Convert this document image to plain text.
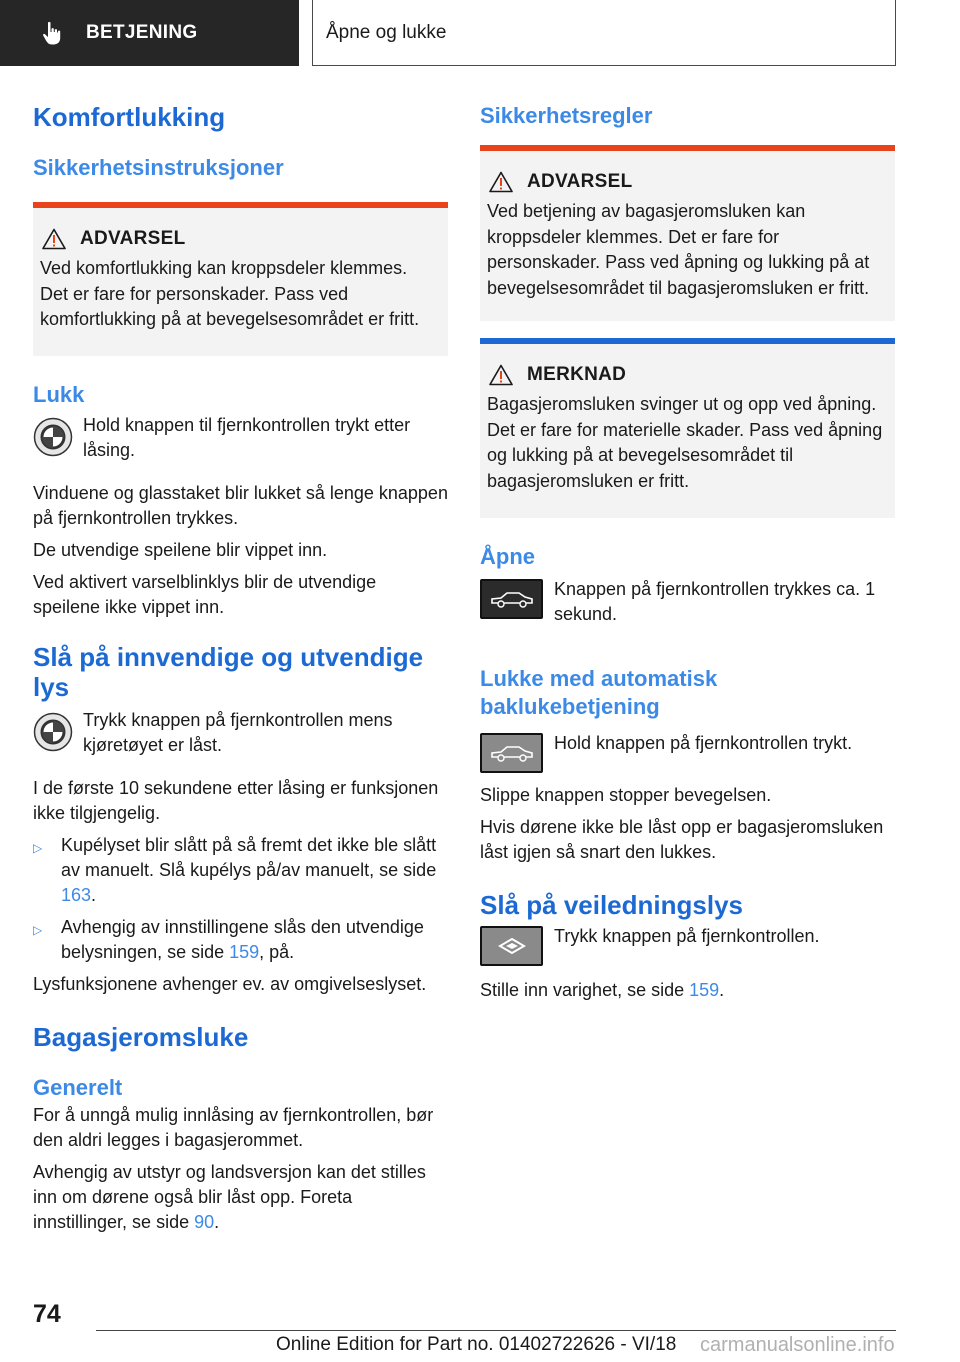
BETJENING	Åpne og lukke
Komfortlukking
Sikkerhetsinstruksjoner
ADVARSEL

Ved komfortlukking kan kroppsdeler klemmes. Det er fare for personskader. Pass ved komfortlukking på at bevegelsesområdet er fritt.

Lukk
Hold knappen til fjernkontrollen trykt etter låsing.

Vinduene og glasstaket blir lukket så lenge knappen på fjernkontrollen trykkes.

De utvendige speilene blir vippet inn.

Ved aktivert varselblinklys blir de utvendige speilene ikke vippet inn.

Slå på innvendige og utvendige lys
Trykk knappen på fjernkontrollen mens kjøretøyet er låst.

I de første 10 sekundene etter låsing er funksjonen ikke tilgjengelig.

▷	Kupélyset blir slått på så fremt det ikke ble slått av manuelt. Slå kupélys på/av manuelt, se side 163.
▷	Avhengig av innstillingene slås den utvendige belysningen, se side 159, på.

Lysfunksjonene avhenger ev. av omgivelseslyset.

Bagasjeromsluke
Generelt

For å unngå mulig innlåsing av fjernkontrollen, bør den aldri legges i bagasjerommet.

Avhengig av utstyr og landsversjon kan det stilles inn om dørene også blir låst opp. Foreta innstillinger, se side 90.

Sikkerhetsregler
ADVARSEL

Ved betjening av bagasjeromsluken kan kroppsdeler klemmes. Det er fare for personskader. Pass ved åpning og lukking på at bevegelsesområdet til bagasjeromsluken er fritt.

MERKNAD

Bagasjeromsluken svinger ut og opp ved åpning. Det er fare for materielle skader. Pass ved åpning og lukking på at bevegelsesområdet til bagasjeromsluken er fritt.

Åpne
Knappen på fjernkontrollen trykkes ca. 1 sekund.
Lukke med automatisk baklukebetjening
Hold knappen på fjernkontrollen trykt.

Slippe knappen stopper bevegelsen.

Hvis dørene ikke ble låst opp er bagasjeromsluken låst igjen så snart den lukkes.

Slå på veiledningslys
Trykk knappen på fjernkontrollen.

Stille inn varighet, se side 159.

74
Online Edition for Part no. 01402722626 - VI/18 carmanualsonline.info
